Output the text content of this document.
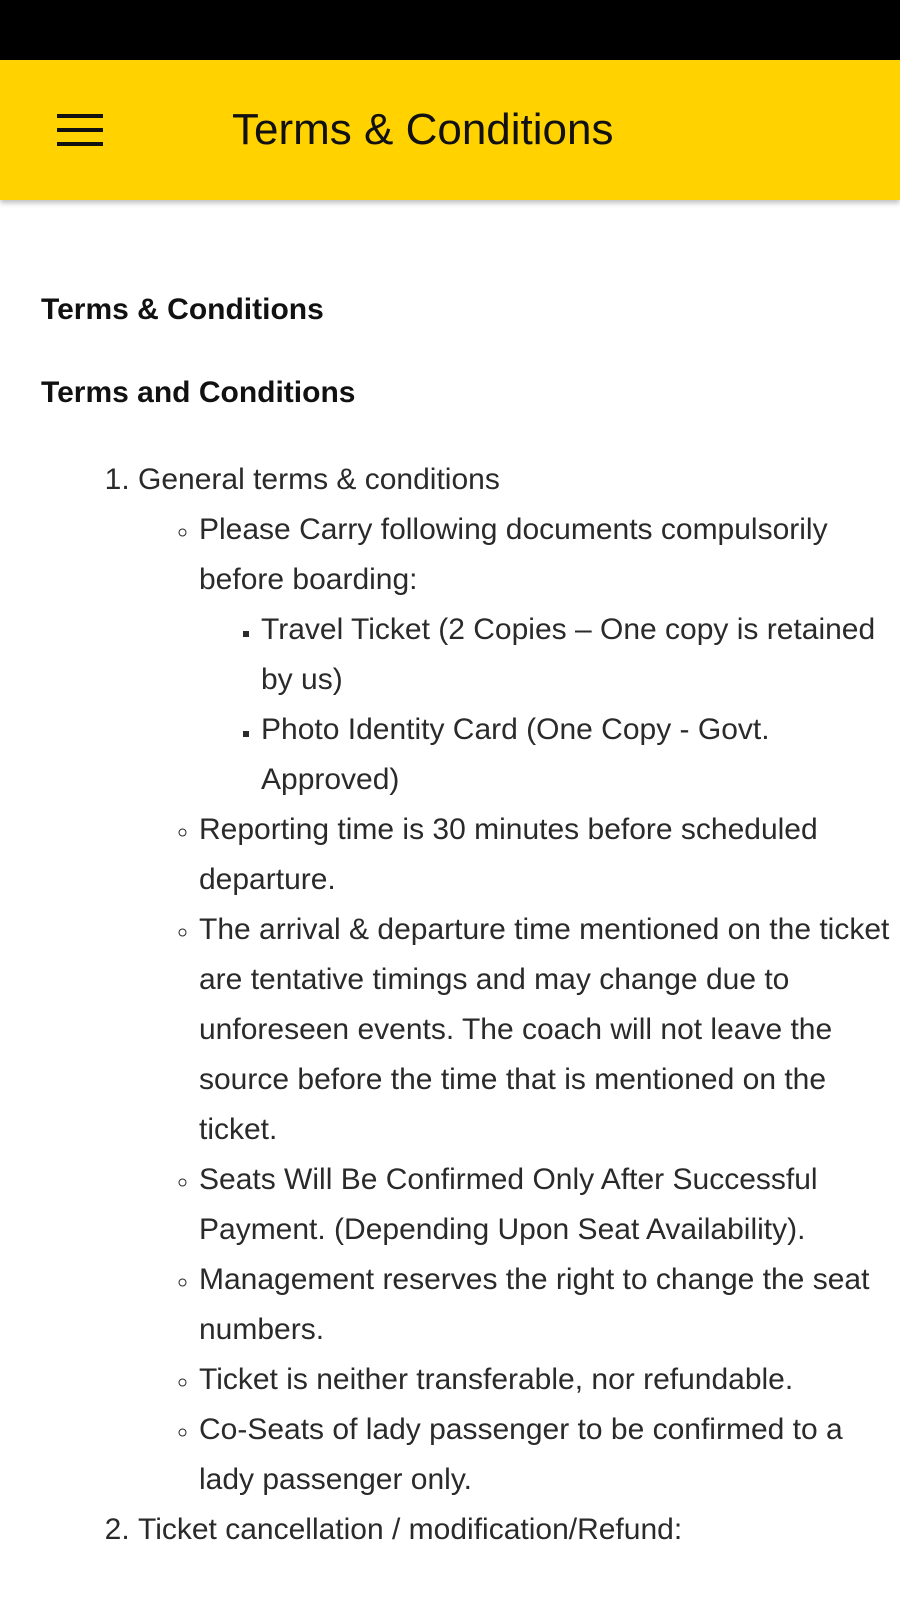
Terms & Conditions
Terms & Conditions
Terms and Conditions
1. General terms & conditions
◦ Please Carry following documents compulsorily before boarding:
▪ Travel Ticket (2 Copies – One copy is retained by us)
▪ Photo Identity Card (One Copy - Govt. Approved)
◦ Reporting time is 30 minutes before scheduled departure.
◦ The arrival & departure time mentioned on the ticket are tentative timings and may change due to unforeseen events. The coach will not leave the source before the time that is mentioned on the ticket.
◦ Seats Will Be Confirmed Only After Successful Payment. (Depending Upon Seat Availability).
◦ Management reserves the right to change the seat numbers.
◦ Ticket is neither transferable, nor refundable.
◦ Co-Seats of lady passenger to be confirmed to a lady passenger only.
2. Ticket cancellation / modification/Refund:
